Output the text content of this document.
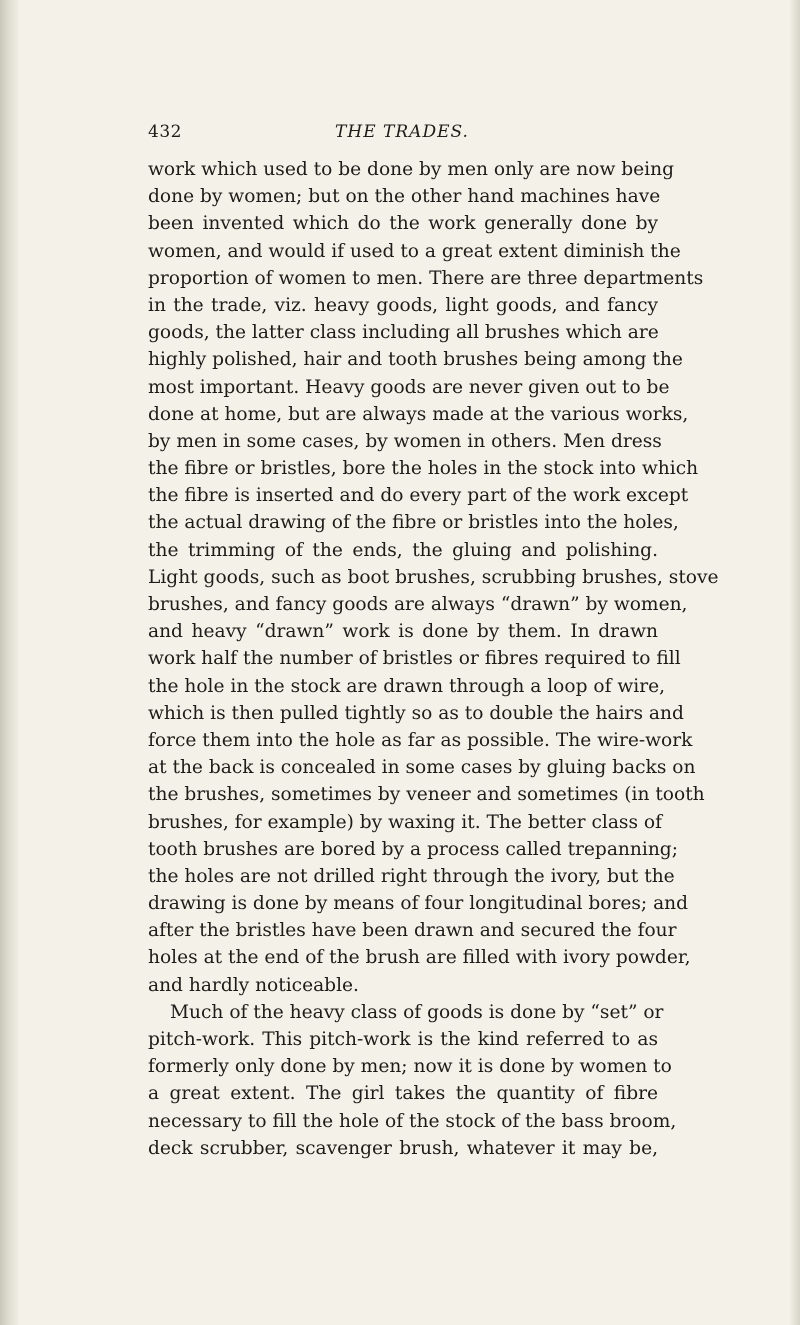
432	THE TRADES.
work which used to be done by men only are now being
done by women; but on the other hand machines have
been invented which do the work generally done by
women, and would if used to a great extent diminish the
proportion of women to men. There are three departments
in the trade, viz. heavy goods, light goods, and fancy
goods, the latter class including all brushes which are
highly polished, hair and tooth brushes being among the
most important. Heavy goods are never given out to be
done at home, but are always made at the various works,
by men in some cases, by women in others. Men dress
the fibre or bristles, bore the holes in the stock into which
the fibre is inserted and do every part of the work except
the actual drawing of the fibre or bristles into the holes,
the trimming of the ends, the gluing and polishing.
Light goods, such as boot brushes, scrubbing brushes, stove
brushes, and fancy goods are always “drawn” by women,
and heavy “drawn” work is done by them. In drawn
work half the number of bristles or fibres required to fill
the hole in the stock are drawn through a loop of wire,
which is then pulled tightly so as to double the hairs and
force them into the hole as far as possible. The wire-work
at the back is concealed in some cases by gluing backs on
the brushes, sometimes by veneer and sometimes (in tooth
brushes, for example) by waxing it. The better class of
tooth brushes are bored by a process called trepanning;
the holes are not drilled right through the ivory, but the
drawing is done by means of four longitudinal bores; and
after the bristles have been drawn and secured the four
holes at the end of the brush are filled with ivory powder,
and hardly noticeable.
Much of the heavy class of goods is done by “set” or
pitch-work. This pitch-work is the kind referred to as
formerly only done by men; now it is done by women to
a great extent. The girl takes the quantity of fibre
necessary to fill the hole of the stock of the bass broom,
deck scrubber, scavenger brush, whatever it may be,
